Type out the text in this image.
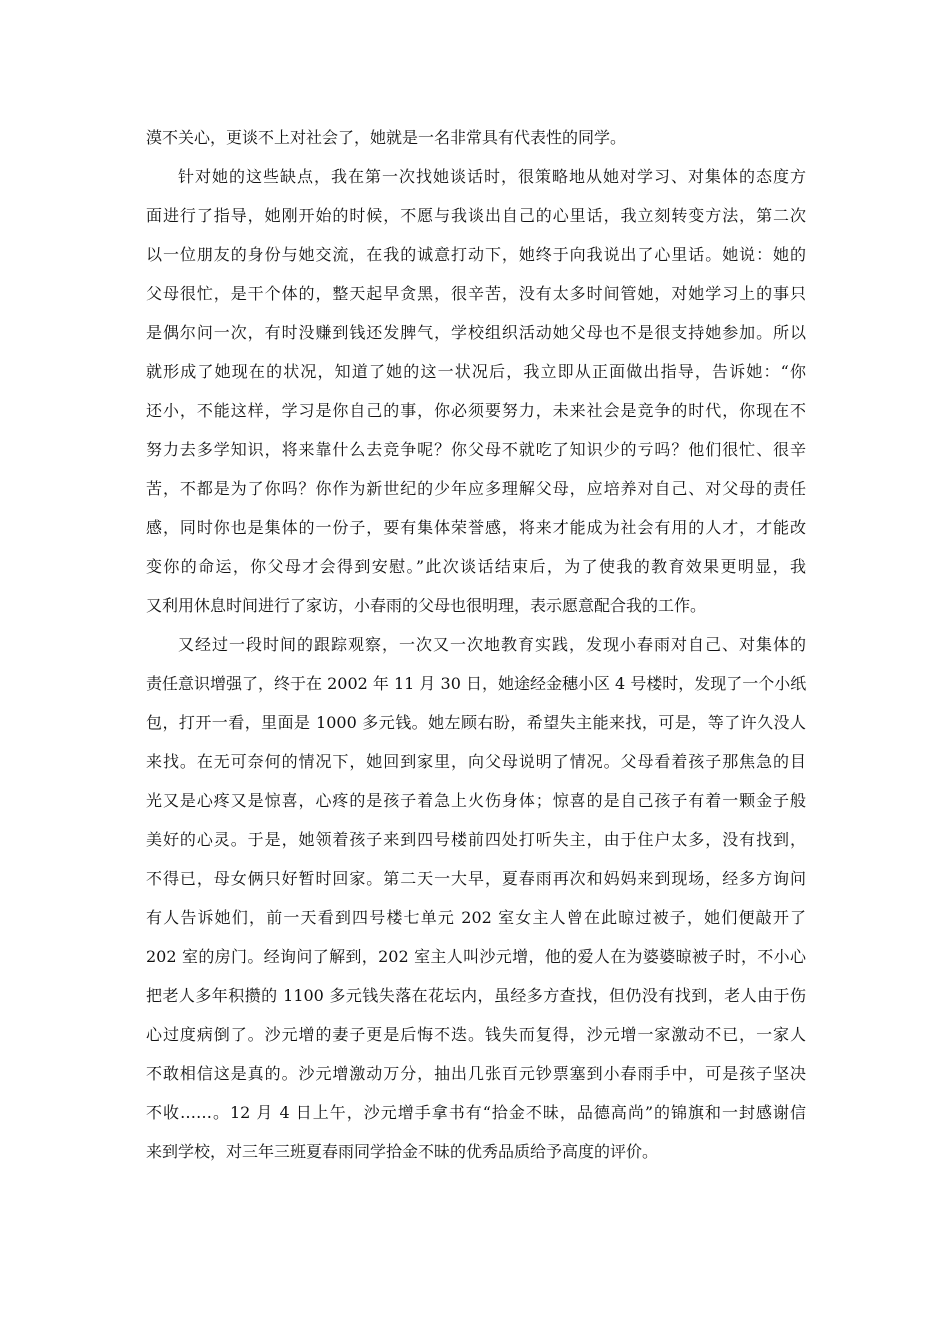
漠不关心，更谈不上对社会了，她就是一名非常具有代表性的同学。
针对她的这些缺点，我在第一次找她谈话时，很策略地从她对学习、对集体的态度方
面进行了指导，她刚开始的时候，不愿与我谈出自己的心里话，我立刻转变方法，第二次
以一位朋友的身份与她交流，在我的诚意打动下，她终于向我说出了心里话。她说：她的
父母很忙，是干个体的，整天起早贪黑，很辛苦，没有太多时间管她，对她学习上的事只
是偶尔问一次，有时没赚到钱还发脾气，学校组织活动她父母也不是很支持她参加。所以
就形成了她现在的状况，知道了她的这一状况后，我立即从正面做出指导，告诉她：“你
还小，不能这样，学习是你自己的事，你必须要努力，未来社会是竞争的时代，你现在不
努力去多学知识，将来靠什么去竞争呢？你父母不就吃了知识少的亏吗？他们很忙、很辛
苦，不都是为了你吗？你作为新世纪的少年应多理解父母，应培养对自己、对父母的责任
感，同时你也是集体的一份子，要有集体荣誉感，将来才能成为社会有用的人才，才能改
变你的命运，你父母才会得到安慰。”此次谈话结束后，为了使我的教育效果更明显，我
又利用休息时间进行了家访，小春雨的父母也很明理，表示愿意配合我的工作。
又经过一段时间的跟踪观察，一次又一次地教育实践，发现小春雨对自己、对集体的
责任意识增强了，终于在 2002 年 11 月 30 日，她途经金穗小区 4 号楼时，发现了一个小纸
包，打开一看，里面是 1000 多元钱。她左顾右盼，希望失主能来找，可是，等了许久没人
来找。在无可奈何的情况下，她回到家里，向父母说明了情况。父母看着孩子那焦急的目
光又是心疼又是惊喜，心疼的是孩子着急上火伤身体；惊喜的是自己孩子有着一颗金子般
美好的心灵。于是，她领着孩子来到四号楼前四处打听失主，由于住户太多，没有找到，
不得已，母女俩只好暂时回家。第二天一大早，夏春雨再次和妈妈来到现场，经多方询问
有人告诉她们，前一天看到四号楼七单元 202 室女主人曾在此晾过被子，她们便敲开了
202 室的房门。经询问了解到，202 室主人叫沙元增，他的爱人在为婆婆晾被子时，不小心
把老人多年积攒的 1100 多元钱失落在花坛内，虽经多方查找，但仍没有找到，老人由于伤
心过度病倒了。沙元增的妻子更是后悔不迭。钱失而复得，沙元增一家激动不已，一家人
不敢相信这是真的。沙元增激动万分，抽出几张百元钞票塞到小春雨手中，可是孩子坚决
不收……。12 月 4 日上午，沙元增手拿书有“拾金不昧，品德高尚”的锦旗和一封感谢信
来到学校，对三年三班夏春雨同学拾金不昧的优秀品质给予高度的评价。
